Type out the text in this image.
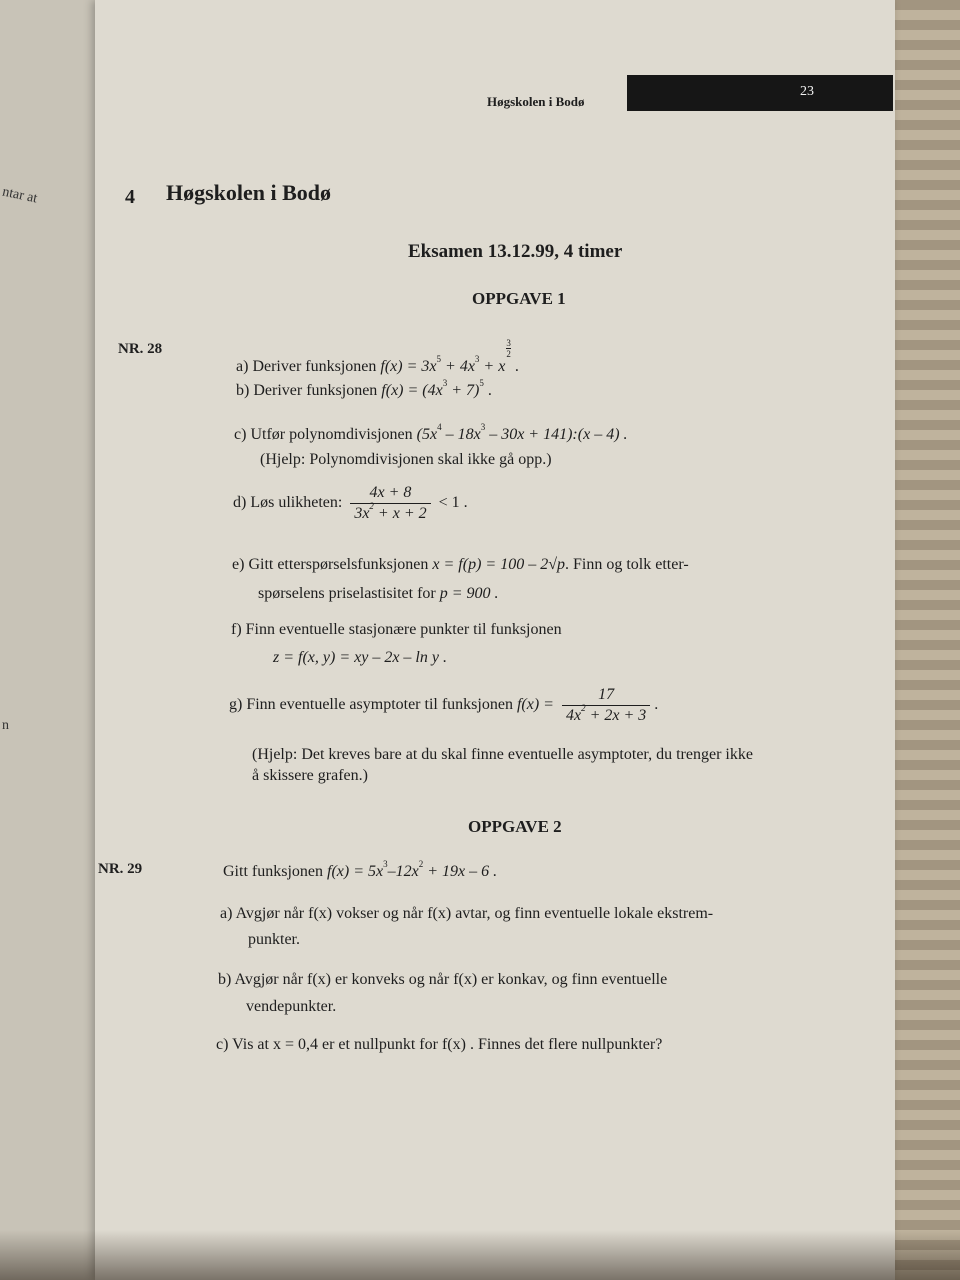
ntar at
n
Høgskolen i Bodø
23
4 Høgskolen i Bodø
Eksamen 13.12.99, 4 timer
OPPGAVE 1
NR. 28
a) Deriver funksjonen $f(x) = 3x^5 + 4x^3 + x$
$\frac{3}{2}$
.
b) Deriver funksjonen $f(x) = (4x^3 + 7)^5$ .
c) Utfør polynomdivisjonen ($5x^4 - 18x^3 - 30x$ + 141):(x – 4) .
(Hjelp: Polynomdivisjonen skal ikke gå opp.)
d) Løs ulikheten: $\frac{4x + 8}{3x^2 + x + 2} < 1$ .
e) Gitt etterspørselsfunksjonen x = f(p) = 100 – 2√p. Finn og tolk etter-
spørselens priselastisitet for p = 900 .
f) Finn eventuelle stasjonære punkter til funksjonen
z = f(x, y) = xy – 2x – ln y .
g) Finn eventuelle asymptoter til funksjonen $f(x) = \frac{17}{4x^2 + 2x + 3}$ .
(Hjelp: Det kreves bare at du skal finne eventuelle asymptoter, du trenger ikke
å skissere grafen.)
OPPGAVE 2
NR. 29	Gitt funksjonen $f(x) = 5x^3-12x^2 + 19x - 6$ .
a) Avgjør når f(x) vokser og når f(x) avtar, og finn eventuelle lokale ekstrem-
punkter.
b) Avgjør når f(x) er konveks og når f(x) er konkav, og finn eventuelle
vendepunkter.
c) Vis at x = 0,4 er et nullpunkt for f(x) . Finnes det flere nullpunkter?
